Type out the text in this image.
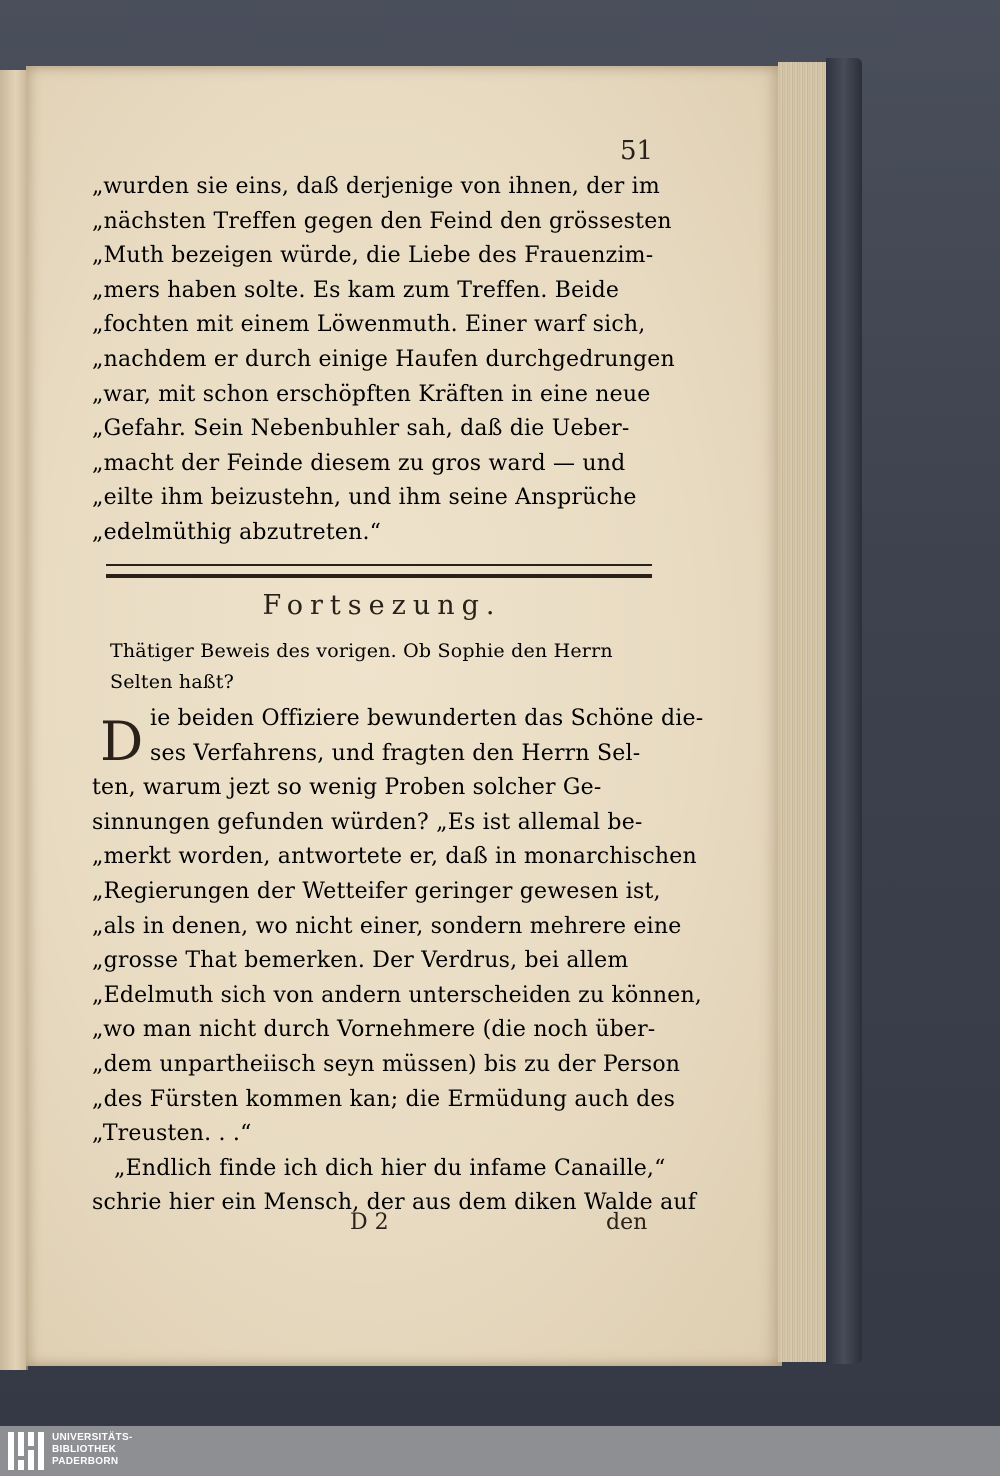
51
„wurden sie eins, daß derjenige von ihnen, der im
„nächsten Treffen gegen den Feind den grössesten
„Muth bezeigen würde, die Liebe des Frauenzim-
„mers haben solte. Es kam zum Treffen. Beide
„fochten mit einem Löwenmuth. Einer warf sich,
„nachdem er durch einige Haufen durchgedrungen
„war, mit schon erschöpften Kräften in eine neue
„Gefahr. Sein Nebenbuhler sah, daß die Ueber-
„macht der Feinde diesem zu gros ward — und
„eilte ihm beizustehn, und ihm seine Ansprüche
„edelmüthig abzutreten.“
Fortsezung.
Thätiger Beweis des vorigen. Ob Sophie den Herrn
Selten haßt?
D ie beiden Offiziere bewunderten das Schöne die-
ses Verfahrens, und fragten den Herrn Sel-
ten, warum jezt so wenig Proben solcher Ge-
sinnungen gefunden würden? „Es ist allemal be-
„merkt worden, antwortete er, daß in monarchischen
„Regierungen der Wetteifer geringer gewesen ist,
„als in denen, wo nicht einer, sondern mehrere eine
„grosse That bemerken. Der Verdrus, bei allem
„Edelmuth sich von andern unterscheiden zu können,
„wo man nicht durch Vornehmere (die noch über-
„dem unpartheiisch seyn müssen) bis zu der Person
„des Fürsten kommen kan; die Ermüdung auch des
„Treusten. . .“
„Endlich finde ich dich hier du infame Canaille,“
schrie hier ein Mensch, der aus dem diken Walde auf
D 2	den
UNIVERSITÄTS-
BIBLIOTHEK
PADERBORN
